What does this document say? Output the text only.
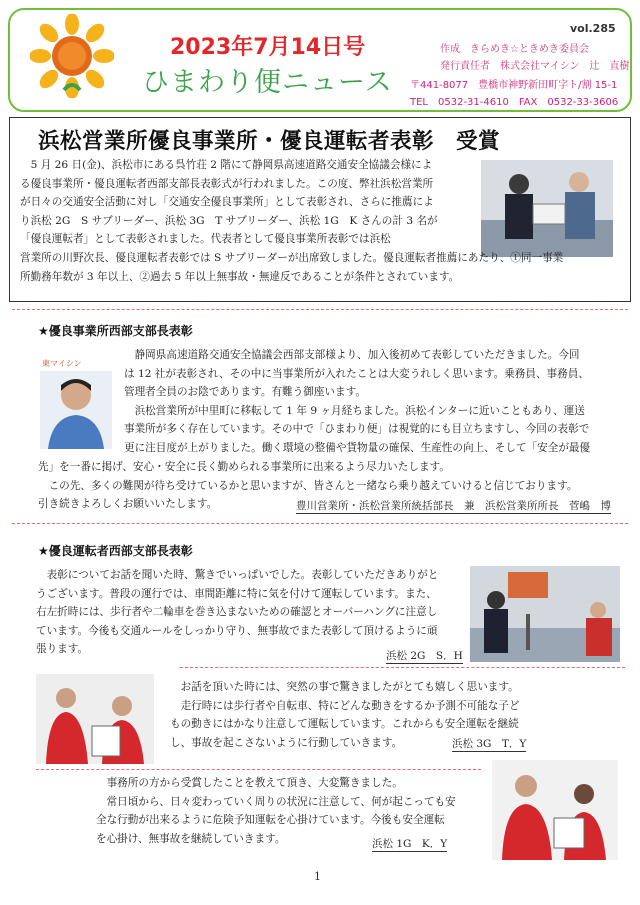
2023年7月14日号
ひまわり便ニュース
vol.285
作成　きらめき☆ときめき委員会
発行責任者　株式会社マイシン　辻　直樹
〒441-8077　豊橋市神野新田町字ト/割 15-1
TEL　0532-31-4610　FAX　0532-33-3606
浜松営業所優良事業所・優良運転者表彰　受賞
5 月 26 日(金)、浜松市にある呉竹荘 2 階にて静岡県高速道路交通安全協議会様によ
る優良事業所・優良運転者西部支部長表彰式が行われました。この度、弊社浜松営業所
が日々の交通安全活動に対し「交通安全優良事業所」として表彰され、さらに推薦によ
り浜松 2G　S サブリーダー、浜松 3G　T サブリーダー、浜松 1G　K さんの計 3 名が
「優良運転者」として表彰されました。代表者として優良事業所表彰では浜松
営業所の川野次長、優良運転者表彰では S サブリーダーが出席致しました。優良運転者推薦にあたり、①同一事業
所勤務年数が 3 年以上、②過去 5 年以上無事故・無違反であることが条件とされています。
★優良事業所西部支部長表彰
東マイシン
静岡県高速道路交通安全協議会西部支部様より、加入後初めて表彰していただきました。今回
は 12 社が表彰され、その中に当事業所が入れたことは大変うれしく思います。乗務員、事務員、
管理者全員のお陰であります。有難う御座います。
浜松営業所が中里町に移転して 1 年 9 ヶ月経ちました。浜松インターに近いこともあり、運送
事業所が多く存在しています。その中で「ひまわり便」は視覚的にも目立ちますし、今回の表彰で
更に注目度が上がりました。働く環境の整備や貨物量の確保、生産性の向上、そして「安全が最優
先」を一番に掲げ、安心・安全に長く勤められる事業所に出来るよう尽力いたします。
この先、多くの難関が待ち受けているかと思いますが、皆さんと一緒なら乗り越えていけると信じております。
引き続きよろしくお願いいたします。	豊川営業所・浜松営業所統括部長　兼　浜松営業所所長　菅嶋　博
★優良運転者西部支部長表彰
表彰についてお話を聞いた時、驚きでいっぱいでした。表彰していただきありがと
うございます。普段の運行では、車間距離に特に気を付けて運転しています。また、
右左折時には、歩行者や二輪車を巻き込まないための確認とオーバーハングに注意し
ています。今後も交通ルールをしっかり守り、無事故でまた表彰して頂けるように頑
張ります。
浜松 2G　S．H
お話を頂いた時には、突然の事で驚きましたがとても嬉しく思います。
走行時には歩行者や自転車、特にどんな動きをするか予測不可能な子ど
もの動きにはかなり注意して運転しています。これからも安全運転を継続
し、事故を起こさないように行動していきます。	浜松 3G　T．Y
事務所の方から受賞したことを教えて頂き、大変驚きました。
常日頃から、日々変わっていく周りの状況に注意して、何が起こっても安
全な行動が出来るように危険予知運転を心掛けています。今後も安全運転
を心掛け、無事故を継続していきます。	浜松 1G　K．Y
1
